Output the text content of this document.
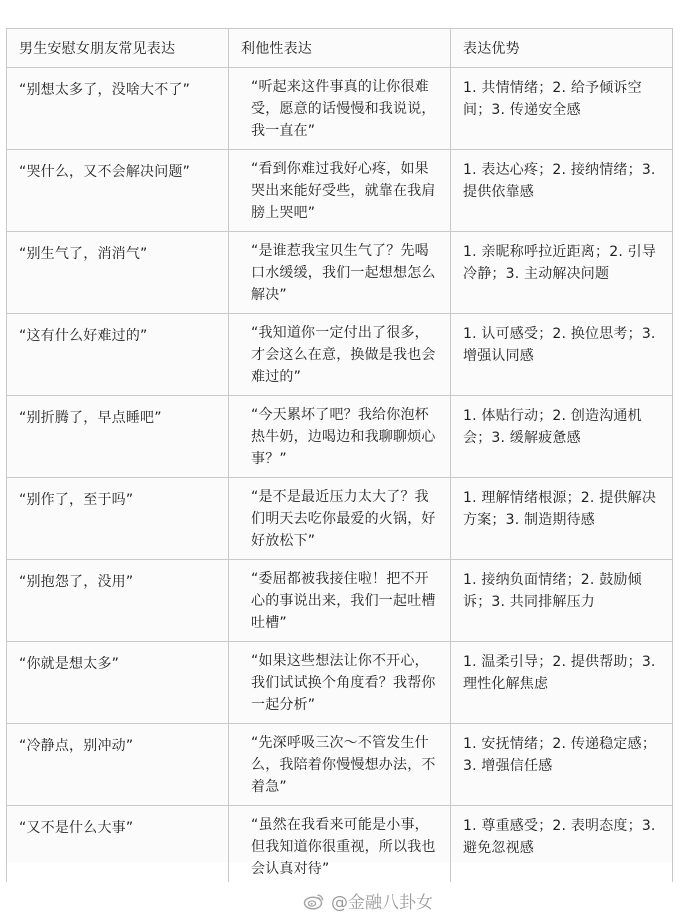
男生安慰女朋友常见表达	利他性表达	表达优势
“别想太多了，没啥大不了”	“听起来这件事真的让你很难受，愿意的话慢慢和我说说，我一直在”	1. 共情情绪；2. 给予倾诉空间；3. 传递安全感
“哭什么，又不会解决问题”	“看到你难过我好心疼，如果哭出来能好受些，就靠在我肩膀上哭吧”	1. 表达心疼；2. 接纳情绪；3. 提供依靠感
“别生气了，消消气”	“是谁惹我宝贝生气了？先喝口水缓缓，我们一起想想怎么解决”	1. 亲昵称呼拉近距离；2. 引导冷静；3. 主动解决问题
“这有什么好难过的”	“我知道你一定付出了很多，才会这么在意，换做是我也会难过的”	1. 认可感受；2. 换位思考；3. 增强认同感
“别折腾了，早点睡吧”	“今天累坏了吧？我给你泡杯热牛奶，边喝边和我聊聊烦心事？”	1. 体贴行动；2. 创造沟通机会；3. 缓解疲惫感
“别作了，至于吗”	“是不是最近压力太大了？我们明天去吃你最爱的火锅，好好放松下”	1. 理解情绪根源；2. 提供解决方案；3. 制造期待感
“别抱怨了，没用”	“委屈都被我接住啦！把不开心的事说出来，我们一起吐槽吐槽”	1. 接纳负面情绪；2. 鼓励倾诉；3. 共同排解压力
“你就是想太多”	“如果这些想法让你不开心，我们试试换个角度看？我帮你一起分析”	1. 温柔引导；2. 提供帮助；3. 理性化解焦虑
“冷静点，别冲动”	“先深呼吸三次～不管发生什么，我陪着你慢慢想办法，不着急”	1. 安抚情绪；2. 传递稳定感；3. 增强信任感
“又不是什么大事”	“虽然在我看来可能是小事，但我知道你很重视，所以我也会认真对待”	1. 尊重感受；2. 表明态度；3. 避免忽视感
@金融八卦女
